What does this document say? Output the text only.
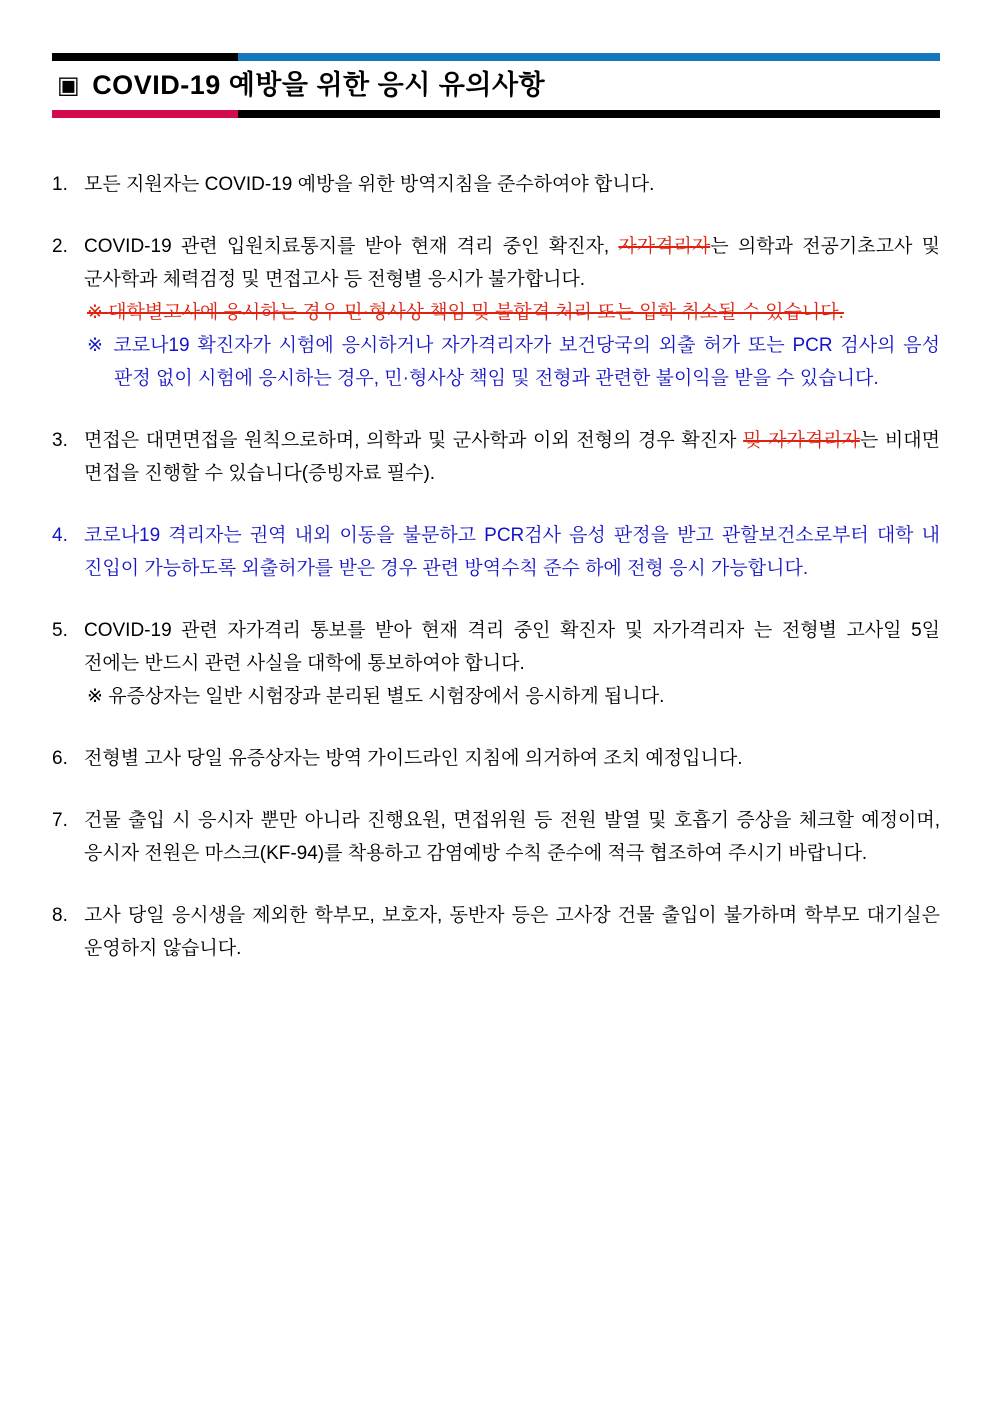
▣ COVID-19 예방을 위한 응시 유의사항

1. 모든 지원자는 COVID-19 예방을 위한 방역지침을 준수하여야 합니다.

2. COVID-19 관련 입원치료통지를 받아 현재 격리 중인 확진자, 자가격리자는 의학과 전공기초고사 및 군사학과 체력검정 및 면접고사 등 전형별 응시가 불가합니다.

※ 대학별고사에 응시하는 경우 민·형사상 책임 및 불합격 처리 또는 입학 취소될 수 있습니다.

※ 코로나19 확진자가 시험에 응시하거나 자가격리자가 보건당국의 외출 허가 또는 PCR 검사의 음성 판정 없이 시험에 응시하는 경우, 민·형사상 책임 및 전형과 관련한 불이익을 받을 수 있습니다.

3. 면접은 대면면접을 원칙으로하며, 의학과 및 군사학과 이외 전형의 경우 확진자 및 자가격리자는 비대면 면접을 진행할 수 있습니다(증빙자료 필수).

4. 코로나19 격리자는 권역 내외 이동을 불문하고 PCR검사 음성 판정을 받고 관할보건소로부터 대학 내 진입이 가능하도록 외출허가를 받은 경우 관련 방역수칙 준수 하에 전형 응시 가능합니다.

5. COVID-19 관련 자가격리 통보를 받아 현재 격리 중인 확진자 및 자가격리자 는 전형별 고사일 5일 전에는 반드시 관련 사실을 대학에 통보하여야 합니다.

※ 유증상자는 일반 시험장과 분리된 별도 시험장에서 응시하게 됩니다.

6. 전형별 고사 당일 유증상자는 방역 가이드라인 지침에 의거하여 조치 예정입니다.

7. 건물 출입 시 응시자 뿐만 아니라 진행요원, 면접위원 등 전원 발열 및 호흡기 증상을 체크할 예정이며, 응시자 전원은 마스크(KF-94)를 착용하고 감염예방 수칙 준수에 적극 협조하여 주시기 바랍니다.

8. 고사 당일 응시생을 제외한 학부모, 보호자, 동반자 등은 고사장 건물 출입이 불가하며 학부모 대기실은 운영하지 않습니다.
